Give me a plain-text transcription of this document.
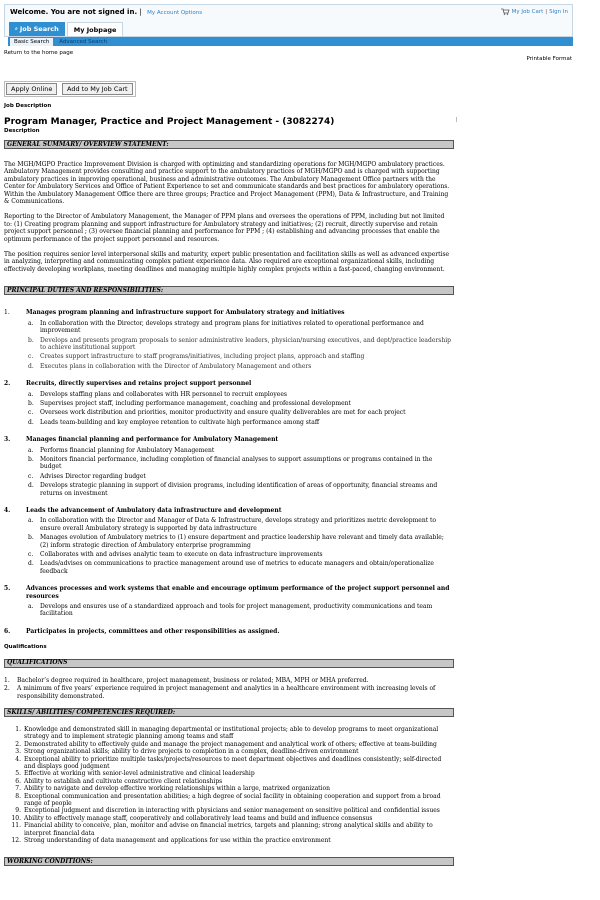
Welcome. You are not signed in. | My Account Options	My Job Cart | Sign In
⌕ Job Search My Jobpage
Basic Search	Advanced Search
Return to the home page
Printable Format
Apply Online	Add to My Job Cart
Job Description
Program Manager, Practice and Project Management - (3082274)
Description
GENERAL SUMMARY/ OVERVIEW STATEMENT:
The MGH/MGPO Practice Improvement Division is charged with optimizing and standardizing operations for MGH/MGPO ambulatory practices. Ambulatory Management provides consulting and practice support to the ambulatory practices of MGH/MGPO and is charged with supporting ambulatory practices in improving operational, business and administrative outcomes. The Ambulatory Management Office partners with the Center for Ambulatory Services and Office of Patient Experience to set and communicate standards and best practices for ambulatory operations. Within the Ambulatory Management Office there are three groups; Practice and Project Management (PPM), Data & Infrastructure, and Training & Communications.
Reporting to the Director of Ambulatory Management, the Manager of PPM plans and oversees the operations of PPM, including but not limited to: (1) Creating program planning and support infrastructure for Ambulatory strategy and initiatives; (2) recruit, directly supervise and retain project support personnel ; (3) oversee financial planning and performance for PPM ; (4) establishing and advancing processes that enable the optimum performance of the project support personnel and resources.
The position requires senior level interpersonal skills and maturity, expert public presentation and facilitation skills as well as advanced expertise in analyzing, interpreting and communicating complex patient experience data. Also required are exceptional organizational skills, including effectively developing workplans, meeting deadlines and managing multiple highly complex projects within a fast-paced, changing environment.
PRINCIPAL DUTIES AND RESPONSIBILITIES:
1.	Manages program planning and infrastructure support for Ambulatory strategy and initiatives
a. In collaboration with the Director, develops strategy and program plans for initiatives related to operational performance and improvement
b. Develops and presents program proposals to senior administrative leaders, physician/nursing executives, and dept/practice leadership to achieve institutional support
c. Creates support infrastructure to staff programs/initiatives, including project plans, approach and staffing
d. Executes plans in collaboration with the Director of Ambulatory Management and others
2.	Recruits, directly supervises and retains project support personnel
a. Develops staffing plans and collaborates with HR personnel to recruit employees
b. Supervises project staff, including performance management, coaching and professional development
c. Oversees work distribution and priorities, monitor productivity and ensure quality deliverables are met for each project
d. Leads team-building and key employee retention to cultivate high performance among staff
3.	Manages financial planning and performance for Ambulatory Management
a. Performs financial planning for Ambulatory Management
b. Monitors financial performance, including completion of financial analyses to support assumptions or programs contained in the budget
c. Advises Director regarding budget
d. Develops strategic planning in support of division programs, including identification of areas of opportunity, financial streams and returns on investment
4.	Leads the advancement of Ambulatory data infrastructure and development
a. In collaboration with the Director and Manager of Data & Infrastructure, develops strategy and prioritizes metric development to ensure overall Ambulatory strategy is supported by data infrastructure
b. Manages evolution of Ambulatory metrics to (1) ensure department and practice leadership have relevant and timely data available; (2) inform strategic direction of Ambulatory enterprise programming
c. Collaborates with and advises analytic team to execute on data infrastructure improvements
d. Leads/advises on communications to practice management around use of metrics to educate managers and obtain/operationalize feedback
5.	Advances processes and work systems that enable and encourage optimum performance of the project support personnel and resources
a. Develops and ensures use of a standardized approach and tools for project management, productivity communications and team facilitation
6.	Participates in projects, committees and other responsibilities as assigned.
Qualifications
QUALIFICATIONS
1. Bachelor’s degree required in healthcare, project management, business or related; MBA, MPH or MHA preferred.
2. A minimum of five years’ experience required in project management and analytics in a healthcare environment with increasing levels of responsibility demonstrated.
SKILLS/ ABILITIES/ COMPETENCIES REQUIRED:
1. Knowledge and demonstrated skill in managing departmental or institutional projects; able to develop programs to meet organizational strategy and to implement strategic planning among teams and staff
2. Demonstrated ability to effectively guide and manage the project management and analytical work of others; effective at team-building
3. Strong organizational skills; ability to drive projects to completion in a complex, deadline-driven environment
4. Exceptional ability to prioritize multiple tasks/projects/resources to meet department objectives and deadlines consistently; self-directed and displays good judgment
5. Effective at working with senior-level administrative and clinical leadership
6. Ability to establish and cultivate constructive client relationships
7. Ability to navigate and develop effective working relationships within a large, matrixed organization
8. Exceptional communication and presentation abilities; a high degree of social facility in obtaining cooperation and support from a broad range of people
9. Exceptional judgment and discretion in interacting with physicians and senior management on sensitive political and confidential issues
10. Ability to effectively manage staff, cooperatively and collaboratively lead teams and build and influence consensus
11. Financial ability to conceive, plan, monitor and advise on financial metrics, targets and planning; strong analytical skills and ability to interpret financial data
12. Strong understanding of data management and applications for use within the practice environment
WORKING CONDITIONS:
